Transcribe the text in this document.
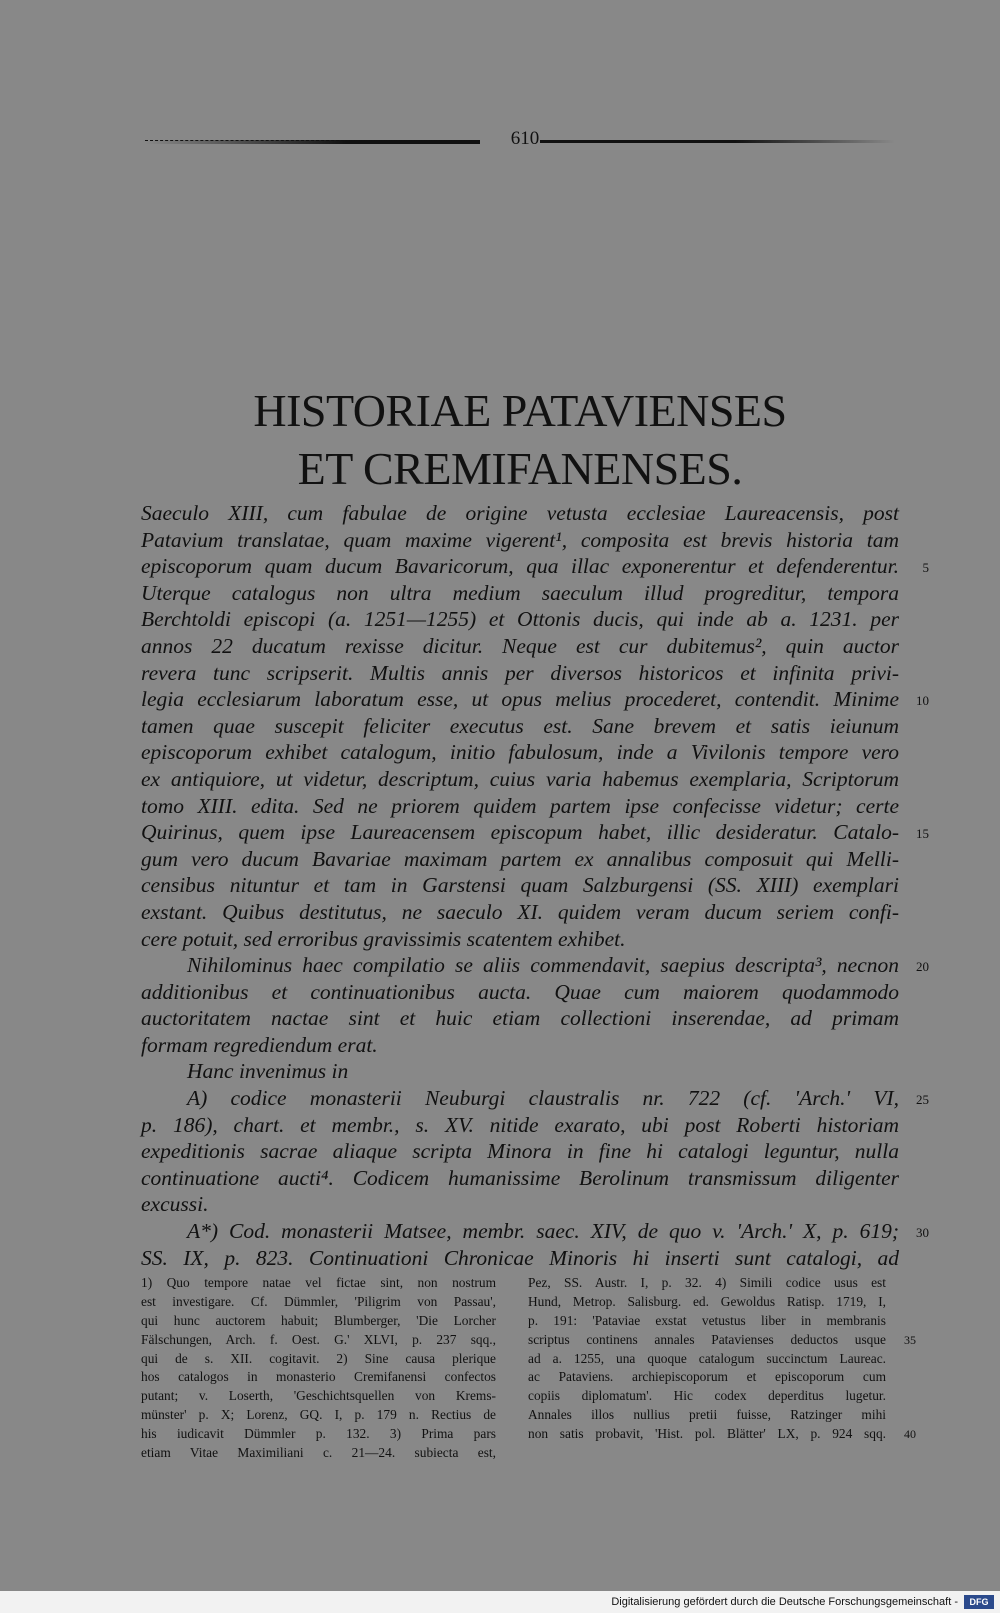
610
HISTORIAE PATAVIENSES
ET CREMIFANENSES.
Saeculo XIII, cum fabulae de origine vetusta ecclesiae Laureacensis, post
Patavium translatae, quam maxime vigerent¹, composita est brevis historia tam
episcoporum quam ducum Bavaricorum, qua illac exponerentur et defenderentur. 5
Uterque catalogus non ultra medium saeculum illud progreditur, tempora
Berchtoldi episcopi (a. 1251—1255) et Ottonis ducis, qui inde ab a. 1231. per
annos 22 ducatum rexisse dicitur. Neque est cur dubitemus², quin auctor
revera tunc scripserit. Multis annis per diversos historicos et infinita privi-
legia ecclesiarum laboratum esse, ut opus melius procederet, contendit. Minime 10
tamen quae suscepit feliciter executus est. Sane brevem et satis ieiunum
episcoporum exhibet catalogum, initio fabulosum, inde a Vivilonis tempore vero
ex antiquiore, ut videtur, descriptum, cuius varia habemus exemplaria, Scriptorum
tomo XIII. edita. Sed ne priorem quidem partem ipse confecisse videtur; certe
Quirinus, quem ipse Laureacensem episcopum habet, illic desideratur. Catalo- 15
gum vero ducum Bavariae maximam partem ex annalibus composuit qui Melli-
censibus nituntur et tam in Garstensi quam Salzburgensi (SS. XIII) exemplari
exstant. Quibus destitutus, ne saeculo XI. quidem veram ducum seriem confi-
cere potuit, sed erroribus gravissimis scatentem exhibet.
Nihilominus haec compilatio se aliis commendavit, saepius descripta³, necnon 20
additionibus et continuationibus aucta. Quae cum maiorem quodammodo
auctoritatem nactae sint et huic etiam collectioni inserendae, ad primam
formam regrediendum erat.
Hanc invenimus in
A) codice monasterii Neuburgi claustralis nr. 722 (cf. 'Arch.' VI, 25
p. 186), chart. et membr., s. XV. nitide exarato, ubi post Roberti historiam
expeditionis sacrae aliaque scripta Minora in fine hi catalogi leguntur, nulla
continuatione aucti⁴. Codicem humanissime Berolinum transmissum diligenter
excussi.
A*) Cod. monasterii Matsee, membr. saec. XIV, de quo v. 'Arch.' X, p. 619; 30
SS. IX, p. 823. Continuationi Chronicae Minoris hi inserti sunt catalogi, ad
1) Quo tempore natae vel fictae sint, non nostrum
est investigare. Cf. Dümmler, 'Piligrim von Passau',
qui hunc auctorem habuit; Blumberger, 'Die Lorcher
Fälschungen, Arch. f. Oest. G.' XLVI, p. 237 sqq.,
qui de s. XII. cogitavit. 2) Sine causa plerique
hos catalogos in monasterio Cremifanensi confectos
putant; v. Loserth, 'Geschichtsquellen von Krems-
münster' p. X; Lorenz, GQ. I, p. 179 n. Rectius de
his iudicavit Dümmler p. 132. 3) Prima pars
etiam Vitae Maximiliani c. 21—24. subiecta est,
Pez, SS. Austr. I, p. 32. 4) Simili codice usus est
Hund, Metrop. Salisburg. ed. Gewoldus Ratisp. 1719, I,
p. 191: 'Pataviae exstat vetustus liber in membranis
scriptus continens annales Patavienses deductos usque 35
ad a. 1255, una quoque catalogum succinctum Laureac.
ac Pataviens. archiepiscoporum et episcoporum cum
copiis diplomatum'. Hic codex deperditus lugetur.
Annales illos nullius pretii fuisse, Ratzinger mihi
non satis probavit, 'Hist. pol. Blätter' LX, p. 924 sqq. 40
Digitalisierung gefördert durch die Deutsche Forschungsgemeinschaft -	DFG
